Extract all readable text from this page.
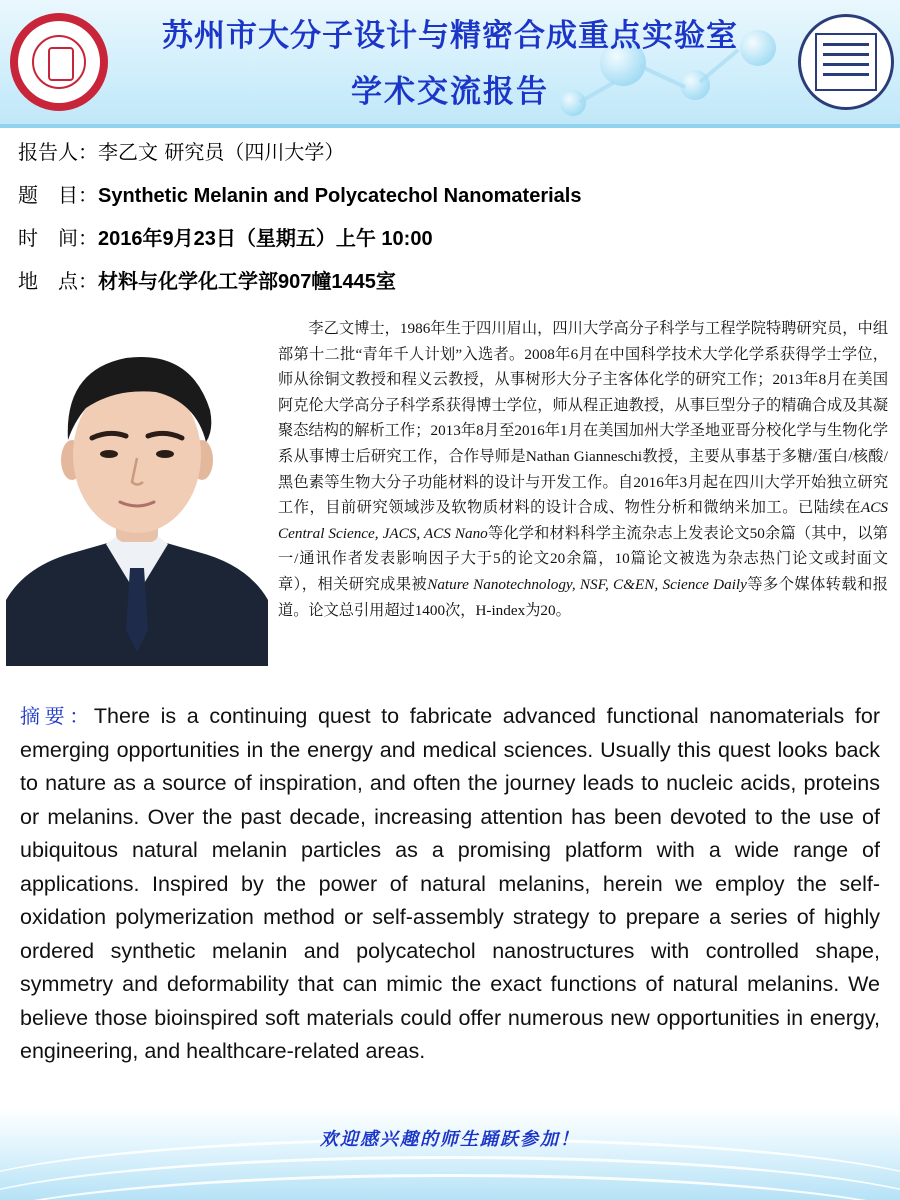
苏州市大分子设计与精密合成重点实验室
学术交流报告
报告人：李乙文 研究员（四川大学）
题　目：Synthetic Melanin and Polycatechol Nanomaterials
时　间：2016年9月23日（星期五）上午 10:00
地　点：材料与化学化工学部907幢1445室

李乙文博士，1986年生于四川眉山，四川大学高分子科学与工程学院特聘研究员，中组部第十二批“青年千人计划”入选者。2008年6月在中国科学技术大学化学系获得学士学位，师从徐铜文教授和程义云教授，从事树形大分子主客体化学的研究工作；2013年8月在美国阿克伦大学高分子科学系获得博士学位，师从程正迪教授，从事巨型分子的精确合成及其凝聚态结构的解析工作；2013年8月至2016年1月在美国加州大学圣地亚哥分校化学与生物化学系从事博士后研究工作，合作导师是Nathan Gianneschi教授，主要从事基于多糖/蛋白/核酸/黑色素等生物大分子功能材料的设计与开发工作。自2016年3月起在四川大学开始独立研究工作，目前研究领域涉及软物质材料的设计合成、物性分析和微纳米加工。已陆续在ACS Central Science, JACS, ACS Nano等化学和材料科学主流杂志上发表论文50余篇（其中，以第一/通讯作者发表影响因子大于5的论文20余篇，10篇论文被选为杂志热门论文或封面文章），相关研究成果被Nature Nanotechnology, NSF, C&EN, Science Daily等多个媒体转载和报道。论文总引用超过1400次，H-index为20。

摘要：There is a continuing quest to fabricate advanced functional nanomaterials for emerging opportunities in the energy and medical sciences. Usually this quest looks back to nature as a source of inspiration, and often the journey leads to nucleic acids, proteins or melanins. Over the past decade, increasing attention has been devoted to the use of ubiquitous natural melanin particles as a promising platform with a wide range of applications. Inspired by the power of natural melanins, herein we employ the self-oxidation polymerization method or self-assembly strategy to prepare a series of highly ordered synthetic melanin and polycatechol nanostructures with controlled shape, symmetry and deformability that can mimic the exact functions of natural melanins. We believe those bioinspired soft materials could offer numerous new opportunities in energy, engineering, and healthcare-related areas.
欢迎感兴趣的师生踊跃参加！
